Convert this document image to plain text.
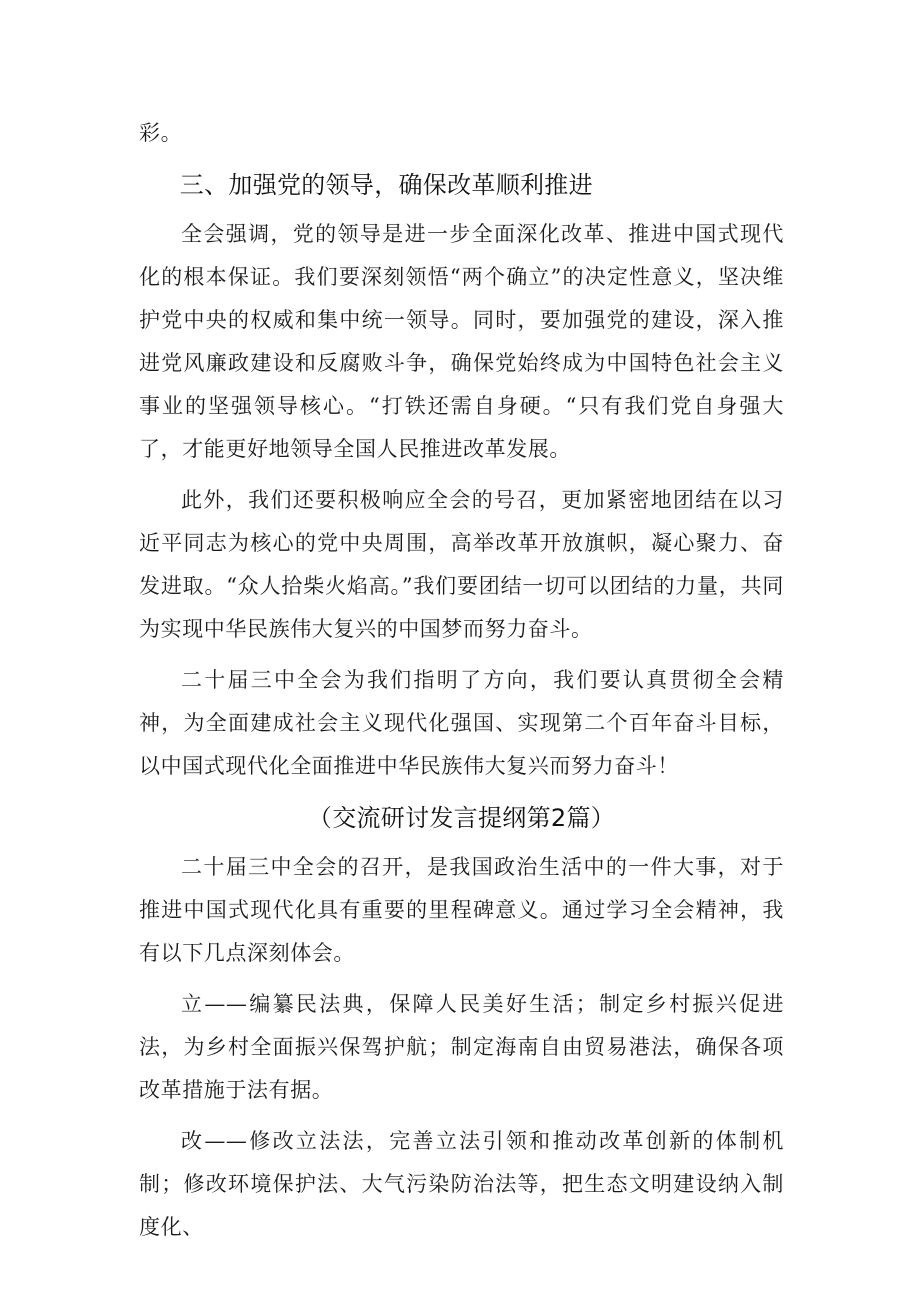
彩。

三、加强党的领导，确保改革顺利推进

全会强调，党的领导是进一步全面深化改革、推进中国式现代化的根本保证。我们要深刻领悟“两个确立”的决定性意义，坚决维护党中央的权威和集中统一领导。同时，要加强党的建设，深入推进党风廉政建设和反腐败斗争，确保党始终成为中国特色社会主义事业的坚强领导核心。“打铁还需自身硬。“只有我们党自身强大了，才能更好地领导全国人民推进改革发展。

此外，我们还要积极响应全会的号召，更加紧密地团结在以习近平同志为核心的党中央周围，高举改革开放旗帜，凝心聚力、奋发进取。“众人拾柴火焰高。”我们要团结一切可以团结的力量，共同为实现中华民族伟大复兴的中国梦而努力奋斗。

二十届三中全会为我们指明了方向，我们要认真贯彻全会精神，为全面建成社会主义现代化强国、实现第二个百年奋斗目标，以中国式现代化全面推进中华民族伟大复兴而努力奋斗！

（交流研讨发言提纲第2篇）

二十届三中全会的召开，是我国政治生活中的一件大事，对于推进中国式现代化具有重要的里程碑意义。通过学习全会精神，我有以下几点深刻体会。

立——编纂民法典，保障人民美好生活；制定乡村振兴促进法，为乡村全面振兴保驾护航；制定海南自由贸易港法，确保各项改革措施于法有据。

改——修改立法法，完善立法引领和推动改革创新的体制机制；修改环境保护法、大气污染防治法等，把生态文明建设纳入制度化、
